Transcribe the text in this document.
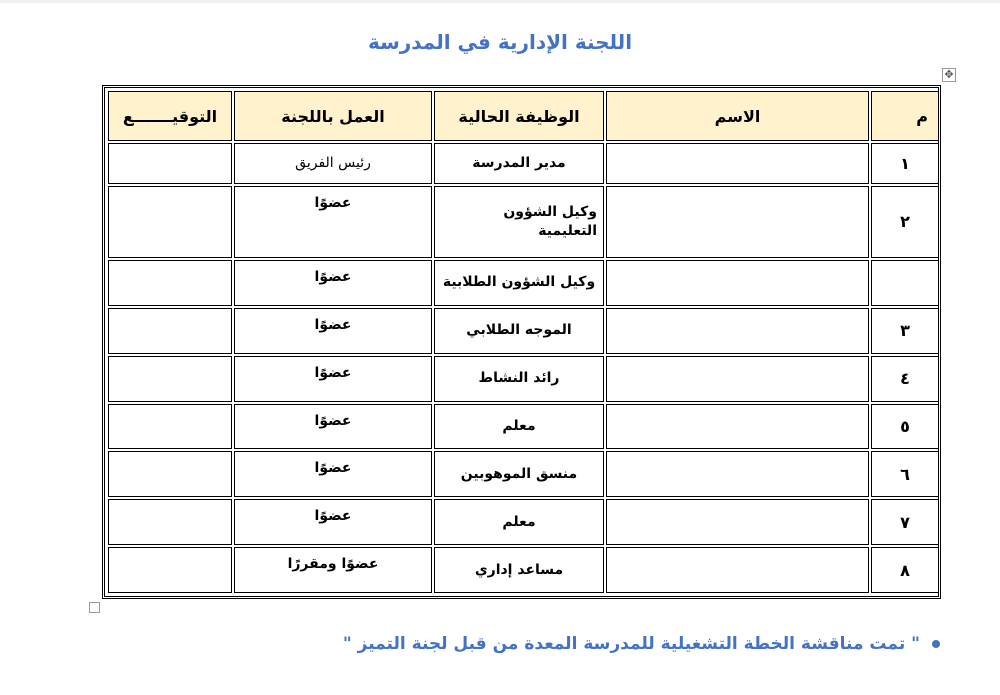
اللجنة الإدارية في المدرسة
✥
م	الاسم	الوظيفة الحالية	العمل باللجنة	التوقيـــــــع
١		مدير المدرسة	رئيس الفريق	
٢		وكيل الشؤون التعليمية	عضوًا	
		وكيل الشؤون الطلابية	عضوًا	
٣		الموجه الطلابي	عضوًا	
٤		رائد النشاط	عضوًا	
٥		معلم	عضوًا	
٦		منسق الموهوبين	عضوًا	
٧		معلم	عضوًا	
٨		مساعد إداري	عضوًا ومقررًا	
" تمت مناقشة الخطة التشغيلية للمدرسة المعدة من قبل لجنة التميز "
